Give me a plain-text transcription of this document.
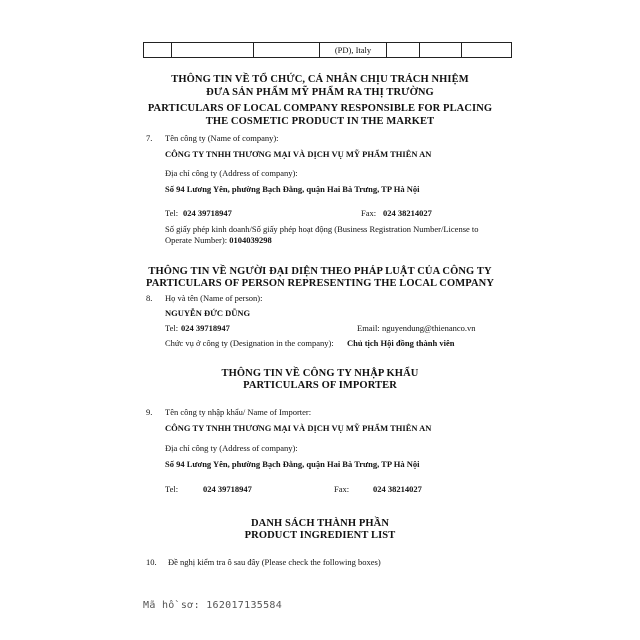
(PD), Italy
THÔNG TIN VỀ TỔ CHỨC, CÁ NHÂN CHỊU TRÁCH NHIỆM
ĐƯA SẢN PHẨM MỸ PHẨM RA THỊ TRƯỜNG
PARTICULARS OF LOCAL COMPANY RESPONSIBLE FOR PLACING
THE COSMETIC PRODUCT IN THE MARKET
7. Tên công ty (Name of company):
CÔNG TY TNHH THƯƠNG MẠI VÀ DỊCH VỤ MỸ PHẨM THIÊN AN
Địa chỉ công ty (Address of company):
Số 94 Lương Yên, phường Bạch Đằng, quận Hai Bà Trưng, TP Hà Nội
Tel: 024 39718947	Fax: 024 38214027
Số giấy phép kinh doanh/Số giấy phép hoạt động (Business Registration Number/License to
Operate Number): 0104039298
THÔNG TIN VỀ NGƯỜI ĐẠI DIỆN THEO PHÁP LUẬT CỦA CÔNG TY
PARTICULARS OF PERSON REPRESENTING THE LOCAL COMPANY
8. Họ và tên (Name of person):
NGUYỄN ĐỨC DŨNG
Tel: 024 39718947	Email: nguyendung@thienanco.vn
Chức vụ ở công ty (Designation in the company): Chủ tịch Hội đồng thành viên
THÔNG TIN VỀ CÔNG TY NHẬP KHẨU
PARTICULARS OF IMPORTER
9. Tên công ty nhập khẩu/ Name of Importer:
CÔNG TY TNHH THƯƠNG MẠI VÀ DỊCH VỤ MỸ PHẨM THIÊN AN
Địa chỉ công ty (Address of company):
Số 94 Lương Yên, phường Bạch Đằng, quận Hai Bà Trưng, TP Hà Nội
Tel:	024 39718947	Fax:	024 38214027
DANH SÁCH THÀNH PHẦN
PRODUCT INGREDIENT LIST
10. Đề nghị kiểm tra ô sau đây (Please check the following boxes)
Mã hồ sơ: 162017135584
